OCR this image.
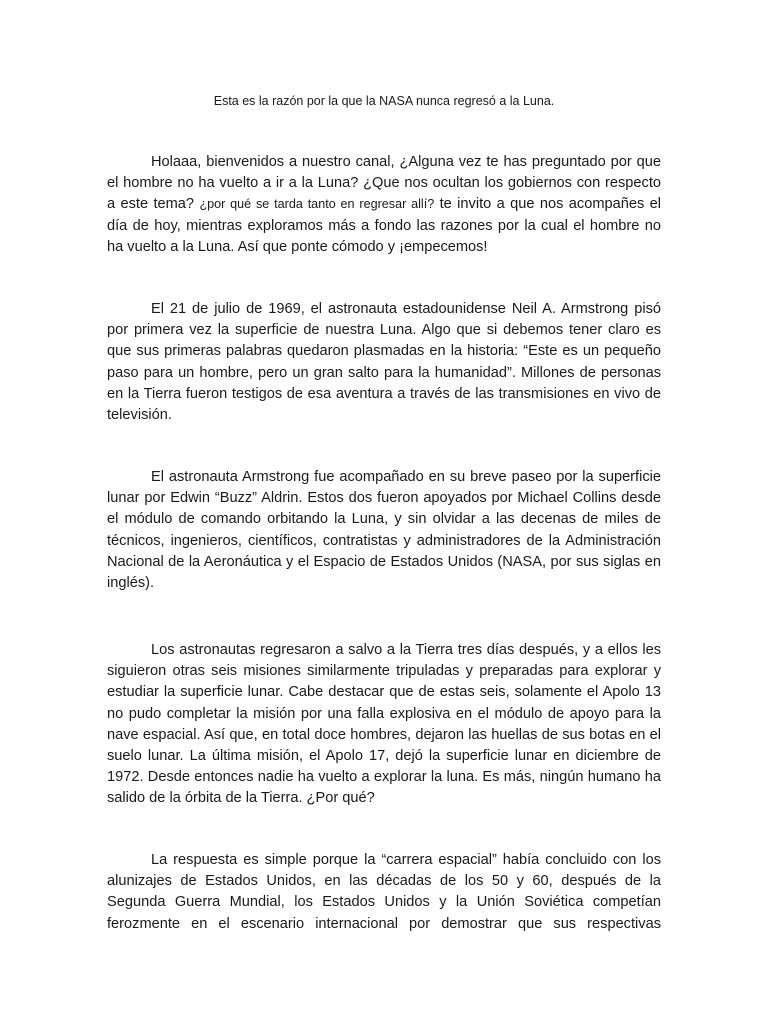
Esta es la razón por la que la NASA nunca regresó a la Luna.

Holaaa, bienvenidos a nuestro canal, ¿Alguna vez te has preguntado por que el hombre no ha vuelto a ir a la Luna? ¿Que nos ocultan los gobiernos con respecto a este tema? ¿por qué se tarda tanto en regresar allí? te invito a que nos acompañes el día de hoy, mientras exploramos más a fondo las razones por la cual el hombre no ha vuelto a la Luna. Así que ponte cómodo y ¡empecemos!

El 21 de julio de 1969, el astronauta estadounidense Neil A. Armstrong pisó por primera vez la superficie de nuestra Luna. Algo que si debemos tener claro es que sus primeras palabras quedaron plasmadas en la historia: “Este es un pequeño paso para un hombre, pero un gran salto para la humanidad”. Millones de personas en la Tierra fueron testigos de esa aventura a través de las transmisiones en vivo de televisión.

El astronauta Armstrong fue acompañado en su breve paseo por la superficie lunar por Edwin “Buzz” Aldrin. Estos dos fueron apoyados por Michael Collins desde el módulo de comando orbitando la Luna, y sin olvidar a las decenas de miles de técnicos, ingenieros, científicos, contratistas y administradores de la Administración Nacional de la Aeronáutica y el Espacio de Estados Unidos (NASA, por sus siglas en inglés).

Los astronautas regresaron a salvo a la Tierra tres días después, y a ellos les siguieron otras seis misiones similarmente tripuladas y preparadas para explorar y estudiar la superficie lunar. Cabe destacar que de estas seis, solamente el Apolo 13 no pudo completar la misión por una falla explosiva en el módulo de apoyo para la nave espacial. Así que, en total doce hombres, dejaron las huellas de sus botas en el suelo lunar. La última misión, el Apolo 17, dejó la superficie lunar en diciembre de 1972. Desde entonces nadie ha vuelto a explorar la luna. Es más, ningún humano ha salido de la órbita de la Tierra. ¿Por qué?

La respuesta es simple porque la “carrera espacial” había concluido con los alunizajes de Estados Unidos, en las décadas de los 50 y 60, después de la Segunda Guerra Mundial, los Estados Unidos y la Unión Soviética competían ferozmente en el escenario internacional por demostrar que sus respectivas
